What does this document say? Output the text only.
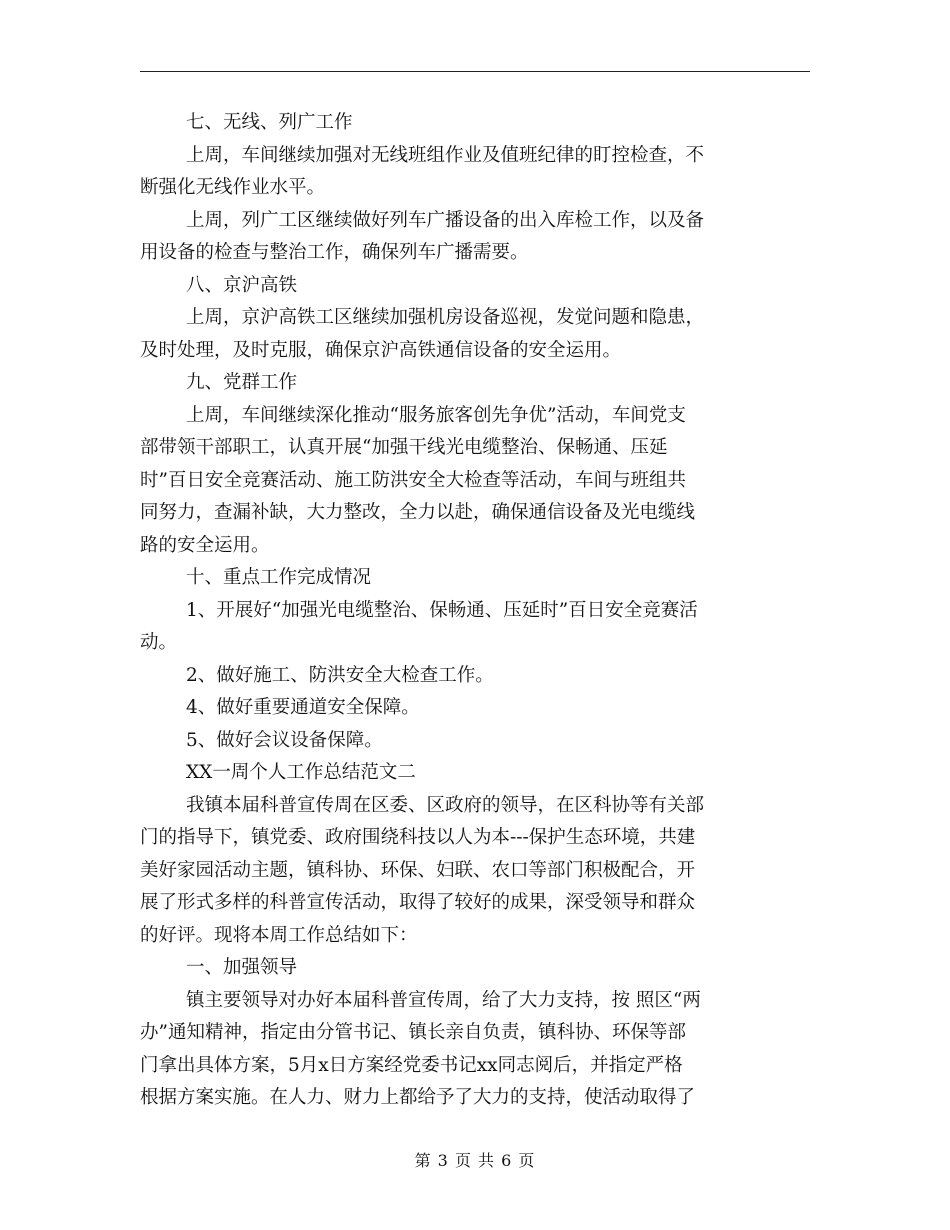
七、无线、列广工作
上周，车间继续加强对无线班组作业及值班纪律的盯控检查，不
断强化无线作业水平。
上周，列广工区继续做好列车广播设备的出入库检工作，以及备
用设备的检查与整治工作，确保列车广播需要。
八、京沪高铁
上周，京沪高铁工区继续加强机房设备巡视，发觉问题和隐患，
及时处理，及时克服，确保京沪高铁通信设备的安全运用。
九、党群工作
上周，车间继续深化推动“服务旅客创先争优”活动，车间党支
部带领干部职工，认真开展“加强干线光电缆整治、保畅通、压延
时”百日安全竞赛活动、施工防洪安全大检查等活动，车间与班组共
同努力，查漏补缺，大力整改，全力以赴，确保通信设备及光电缆线
路的安全运用。
十、重点工作完成情况
1、开展好“加强光电缆整治、保畅通、压延时”百日安全竞赛活
动。
2、做好施工、防洪安全大检查工作。
4、做好重要通道安全保障。
5、做好会议设备保障。
XX一周个人工作总结范文二
我镇本届科普宣传周在区委、区政府的领导，在区科协等有关部
门的指导下，镇党委、政府围绕科技以人为本---保护生态环境，共建
美好家园活动主题，镇科协、环保、妇联、农口等部门积极配合，开
展了形式多样的科普宣传活动，取得了较好的成果，深受领导和群众
的好评。现将本周工作总结如下：
一、加强领导
镇主要领导对办好本届科普宣传周，给了大力支持，按 照区“两
办”通知精神，指定由分管书记、镇长亲自负责，镇科协、环保等部
门拿出具体方案，5月x日方案经党委书记xx同志阅后，并指定严格
根据方案实施。在人力、财力上都给予了大力的支持，使活动取得了
第 3 页 共 6 页
